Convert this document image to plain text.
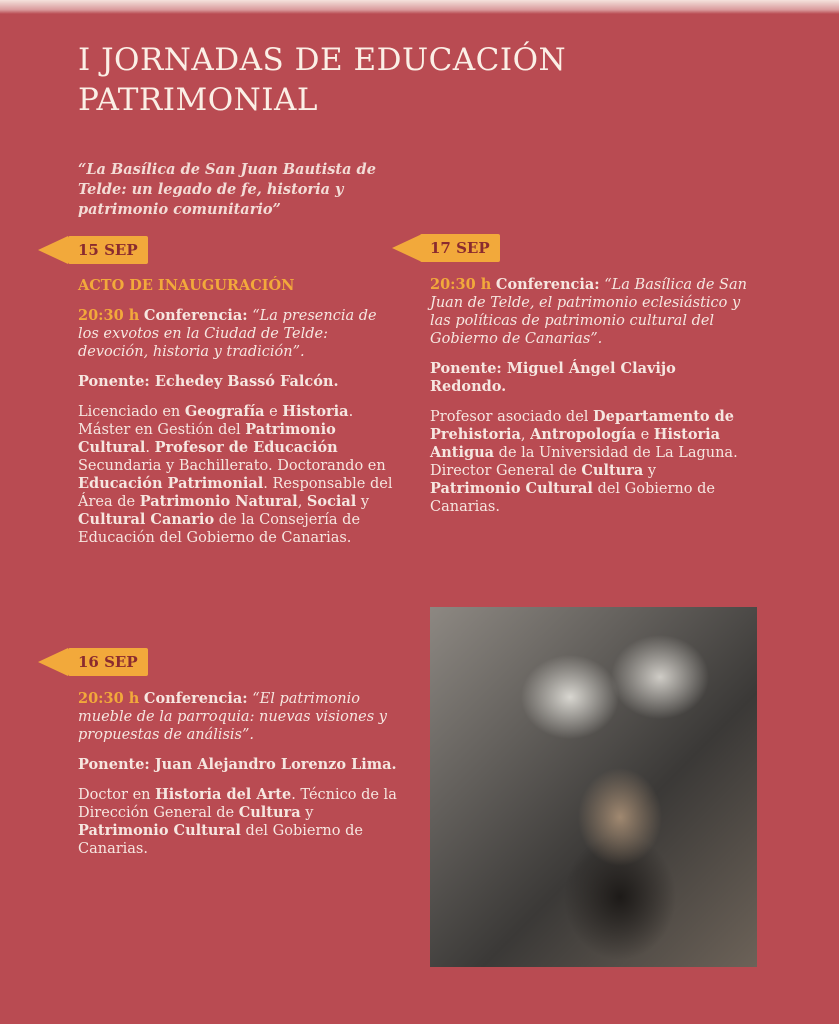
I JORNADAS DE EDUCACIÓN
PATRIMONIAL
“La Basílica de San Juan Bautista de Telde: un legado de fe, historia y patrimonio comunitario”
15 SEP	17 SEP
16 SEP

ACTO DE INAUGURACIÓN

20:30 h Conferencia: “La presencia de los exvotos en la Ciudad de Telde: devoción, historia y tradición”.

Ponente: Echedey Bassó Falcón.

Licenciado en Geografía e Historia. Máster en Gestión del Patrimonio Cultural. Profesor de Educación Secundaria y Bachillerato. Doctorando en Educación Patrimonial. Responsable del Área de Patrimonio Natural, Social y Cultural Canario de la Consejería de Educación del Gobierno de Canarias.

20:30 h Conferencia: “El patrimonio mueble de la parroquia: nuevas visiones y propuestas de análisis”.

Ponente: Juan Alejandro Lorenzo Lima.

Doctor en Historia del Arte. Técnico de la Dirección General de Cultura y Patrimonio Cultural del Gobierno de Canarias.

20:30 h Conferencia: “La Basílica de San Juan de Telde, el patrimonio eclesiástico y las políticas de patrimonio cultural del Gobierno de Canarias”.

Ponente: Miguel Ángel Clavijo Redondo.

Profesor asociado del Departamento de Prehistoria, Antropología e Historia Antigua de la Universidad de La Laguna. Director General de Cultura y Patrimonio Cultural del Gobierno de Canarias.
